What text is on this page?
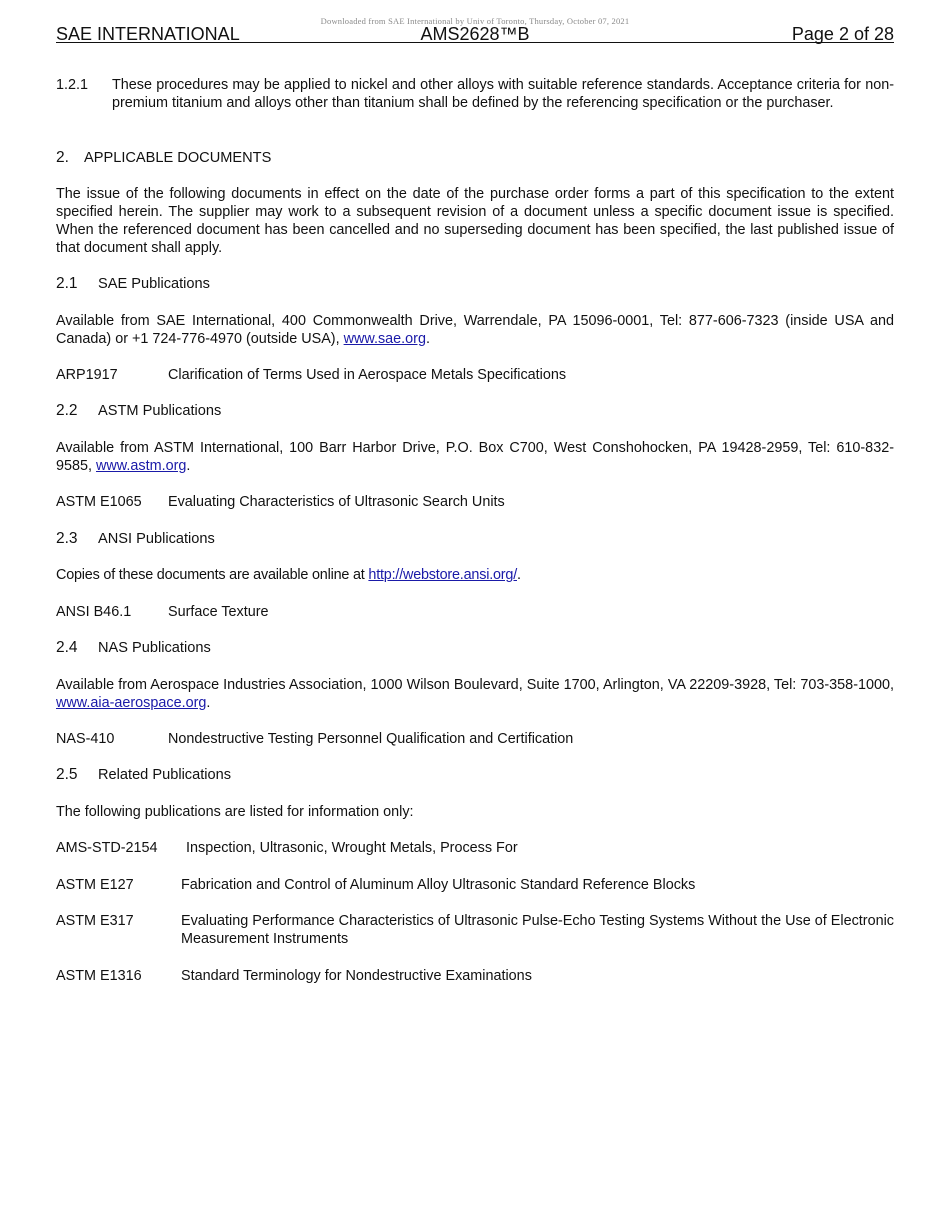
Downloaded from SAE International by Univ of Toronto, Thursday, October 07, 2021
AMS2628™B
SAE INTERNATIONAL	Page 2 of 28
1.2.1 These procedures may be applied to nickel and other alloys with suitable reference standards. Acceptance criteria for non-premium titanium and alloys other than titanium shall be defined by the referencing specification or the purchaser.
2. APPLICABLE DOCUMENTS
The issue of the following documents in effect on the date of the purchase order forms a part of this specification to the extent specified herein. The supplier may work to a subsequent revision of a document unless a specific document issue is specified. When the referenced document has been cancelled and no superseding document has been specified, the last published issue of that document shall apply.
2.1 SAE Publications
Available from SAE International, 400 Commonwealth Drive, Warrendale, PA 15096-0001, Tel: 877-606-7323 (inside USA and Canada) or +1 724-776-4970 (outside USA), www.sae.org.
ARP1917	Clarification of Terms Used in Aerospace Metals Specifications
2.2 ASTM Publications
Available from ASTM International, 100 Barr Harbor Drive, P.O. Box C700, West Conshohocken, PA 19428-2959, Tel: 610-832-9585, www.astm.org.
ASTM E1065 Evaluating Characteristics of Ultrasonic Search Units
2.3 ANSI Publications
Copies of these documents are available online at http://webstore.ansi.org/.
ANSI B46.1	Surface Texture
2.4 NAS Publications
Available from Aerospace Industries Association, 1000 Wilson Boulevard, Suite 1700, Arlington, VA 22209-3928, Tel: 703-358-1000, www.aia-aerospace.org.
NAS-410	Nondestructive Testing Personnel Qualification and Certification
2.5 Related Publications
The following publications are listed for information only:
AMS-STD-2154 Inspection, Ultrasonic, Wrought Metals, Process For
ASTM E127	Fabrication and Control of Aluminum Alloy Ultrasonic Standard Reference Blocks
ASTM E317	Evaluating Performance Characteristics of Ultrasonic Pulse-Echo Testing Systems Without the Use of Electronic Measurement Instruments
ASTM E1316	Standard Terminology for Nondestructive Examinations
